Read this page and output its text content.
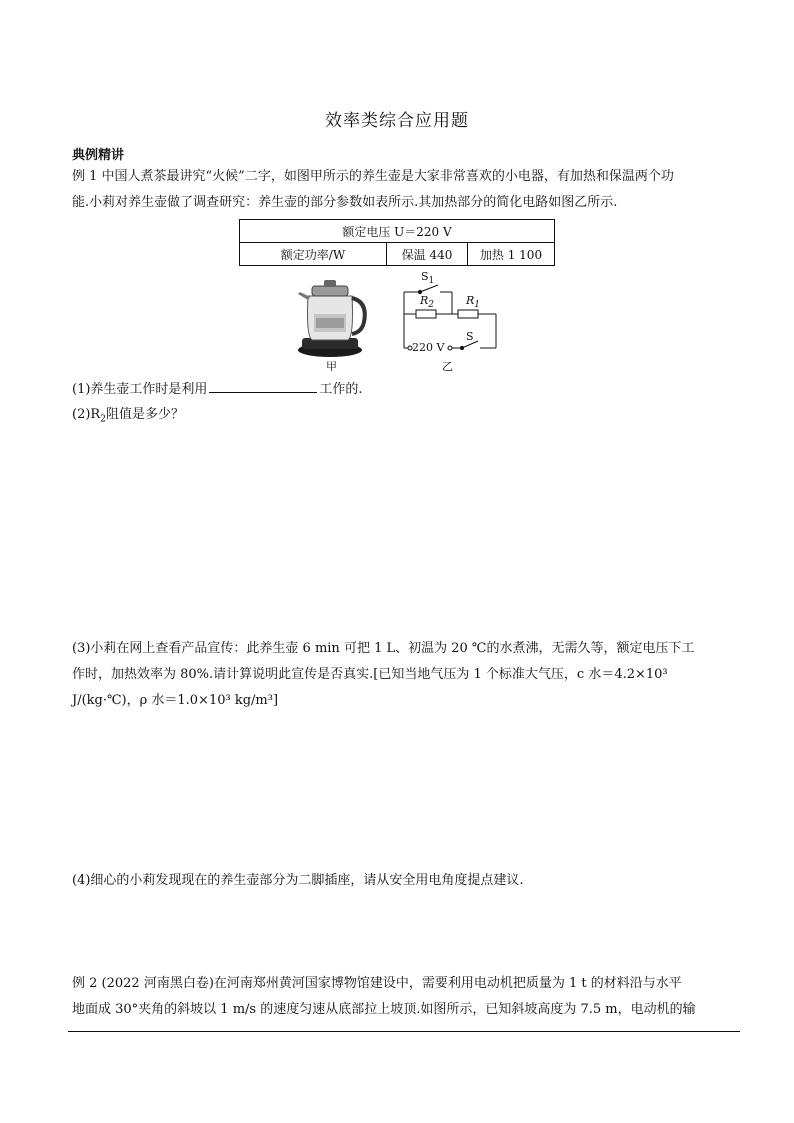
效率类综合应用题
典例精讲
例 1 中国人煮茶最讲究“火候”二字，如图甲所示的养生壶是大家非常喜欢的小电器，有加热和保温两个功
能.小莉对养生壶做了调查研究：养生壶的部分参数如表所示.其加热部分的简化电路如图乙所示.
额定电压 U＝220 V
额定功率/W	保温 440	加热 1 100
甲
$S_1$
$R_2$	$R_1$
S
220 V
乙
(1)养生壶工作时是利用	工作的.
$(2)R_2$阻值是多少？
(3)小莉在网上查看产品宣传：此养生壶 6 min 可把 1 L、初温为 20 ℃的水煮沸，无需久等，额定电压下工
作时，加热效率为 80%.请计算说明此宣传是否真实.[已知当地气压为 1 个标准大气压，c 水＝4.2×10³
J/(kg·℃)，ρ 水＝1.0×10³ kg/m³]
(4)细心的小莉发现现在的养生壶部分为二脚插座，请从安全用电角度提点建议.
例 2 (2022 河南黑白卷)在河南郑州黄河国家博物馆建设中，需要利用电动机把质量为 1 t 的材料沿与水平
地面成 30°夹角的斜坡以 1 m/s 的速度匀速从底部拉上坡顶.如图所示，已知斜坡高度为 7.5 m，电动机的输
